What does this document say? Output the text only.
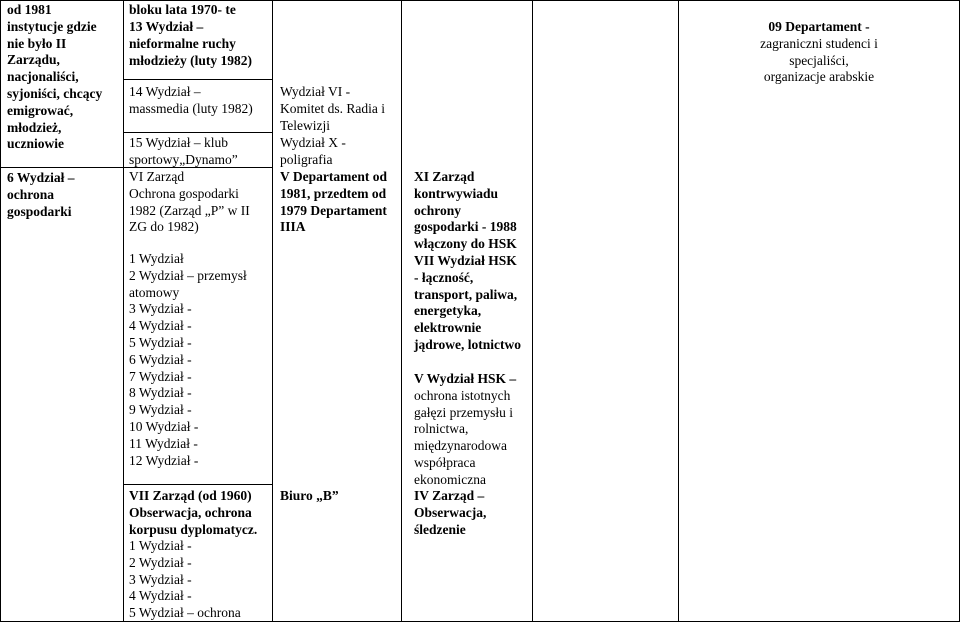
od 1981
instytucje gdzie
nie było II
Zarządu,
nacjonaliści,
syjoniści, chcący
emigrować,
młodzież,
uczniowie
6 Wydział –
ochrona
gospodarki
bloku lata 1970- te
13 Wydział –
nieformalne ruchy
młodzieży (luty 1982)
14 Wydział –
massmedia (luty 1982)
15 Wydział – klub
sportowy„Dynamo”
VI Zarząd
Ochrona gospodarki
1982 (Zarząd „P” w II
ZG do 1982)
1 Wydział
2 Wydział – przemysł
atomowy
3 Wydział -
4 Wydział -
5 Wydział -
6 Wydział -
7 Wydział -
8 Wydział -
9 Wydział -
10 Wydział -
11 Wydział -
12 Wydział -
VII Zarząd (od 1960)
Obserwacja, ochrona
korpusu dyplomatycz.
1 Wydział -
2 Wydział -
3 Wydział -
4 Wydział -
5 Wydział – ochrona
Wydział VI -
Komitet ds. Radia i
Telewizji
Wydział X -
poligrafia
V Departament od
1981, przedtem od
1979 Departament
IIIA
Biuro „B”
XI Zarząd
kontrwywiadu
ochrony
gospodarki - 1988
włączony do HSK
VII Wydział HSK
- łączność,
transport, paliwa,
energetyka,
elektrownie
jądrowe, lotnictwo
V Wydział HSK –
ochrona istotnych
gałęzi przemysłu i
rolnictwa,
międzynarodowa
współpraca
ekonomiczna
IV Zarząd –
Obserwacja,
śledzenie
09 Departament -
zagraniczni studenci i
specjaliści,
organizacje arabskie
